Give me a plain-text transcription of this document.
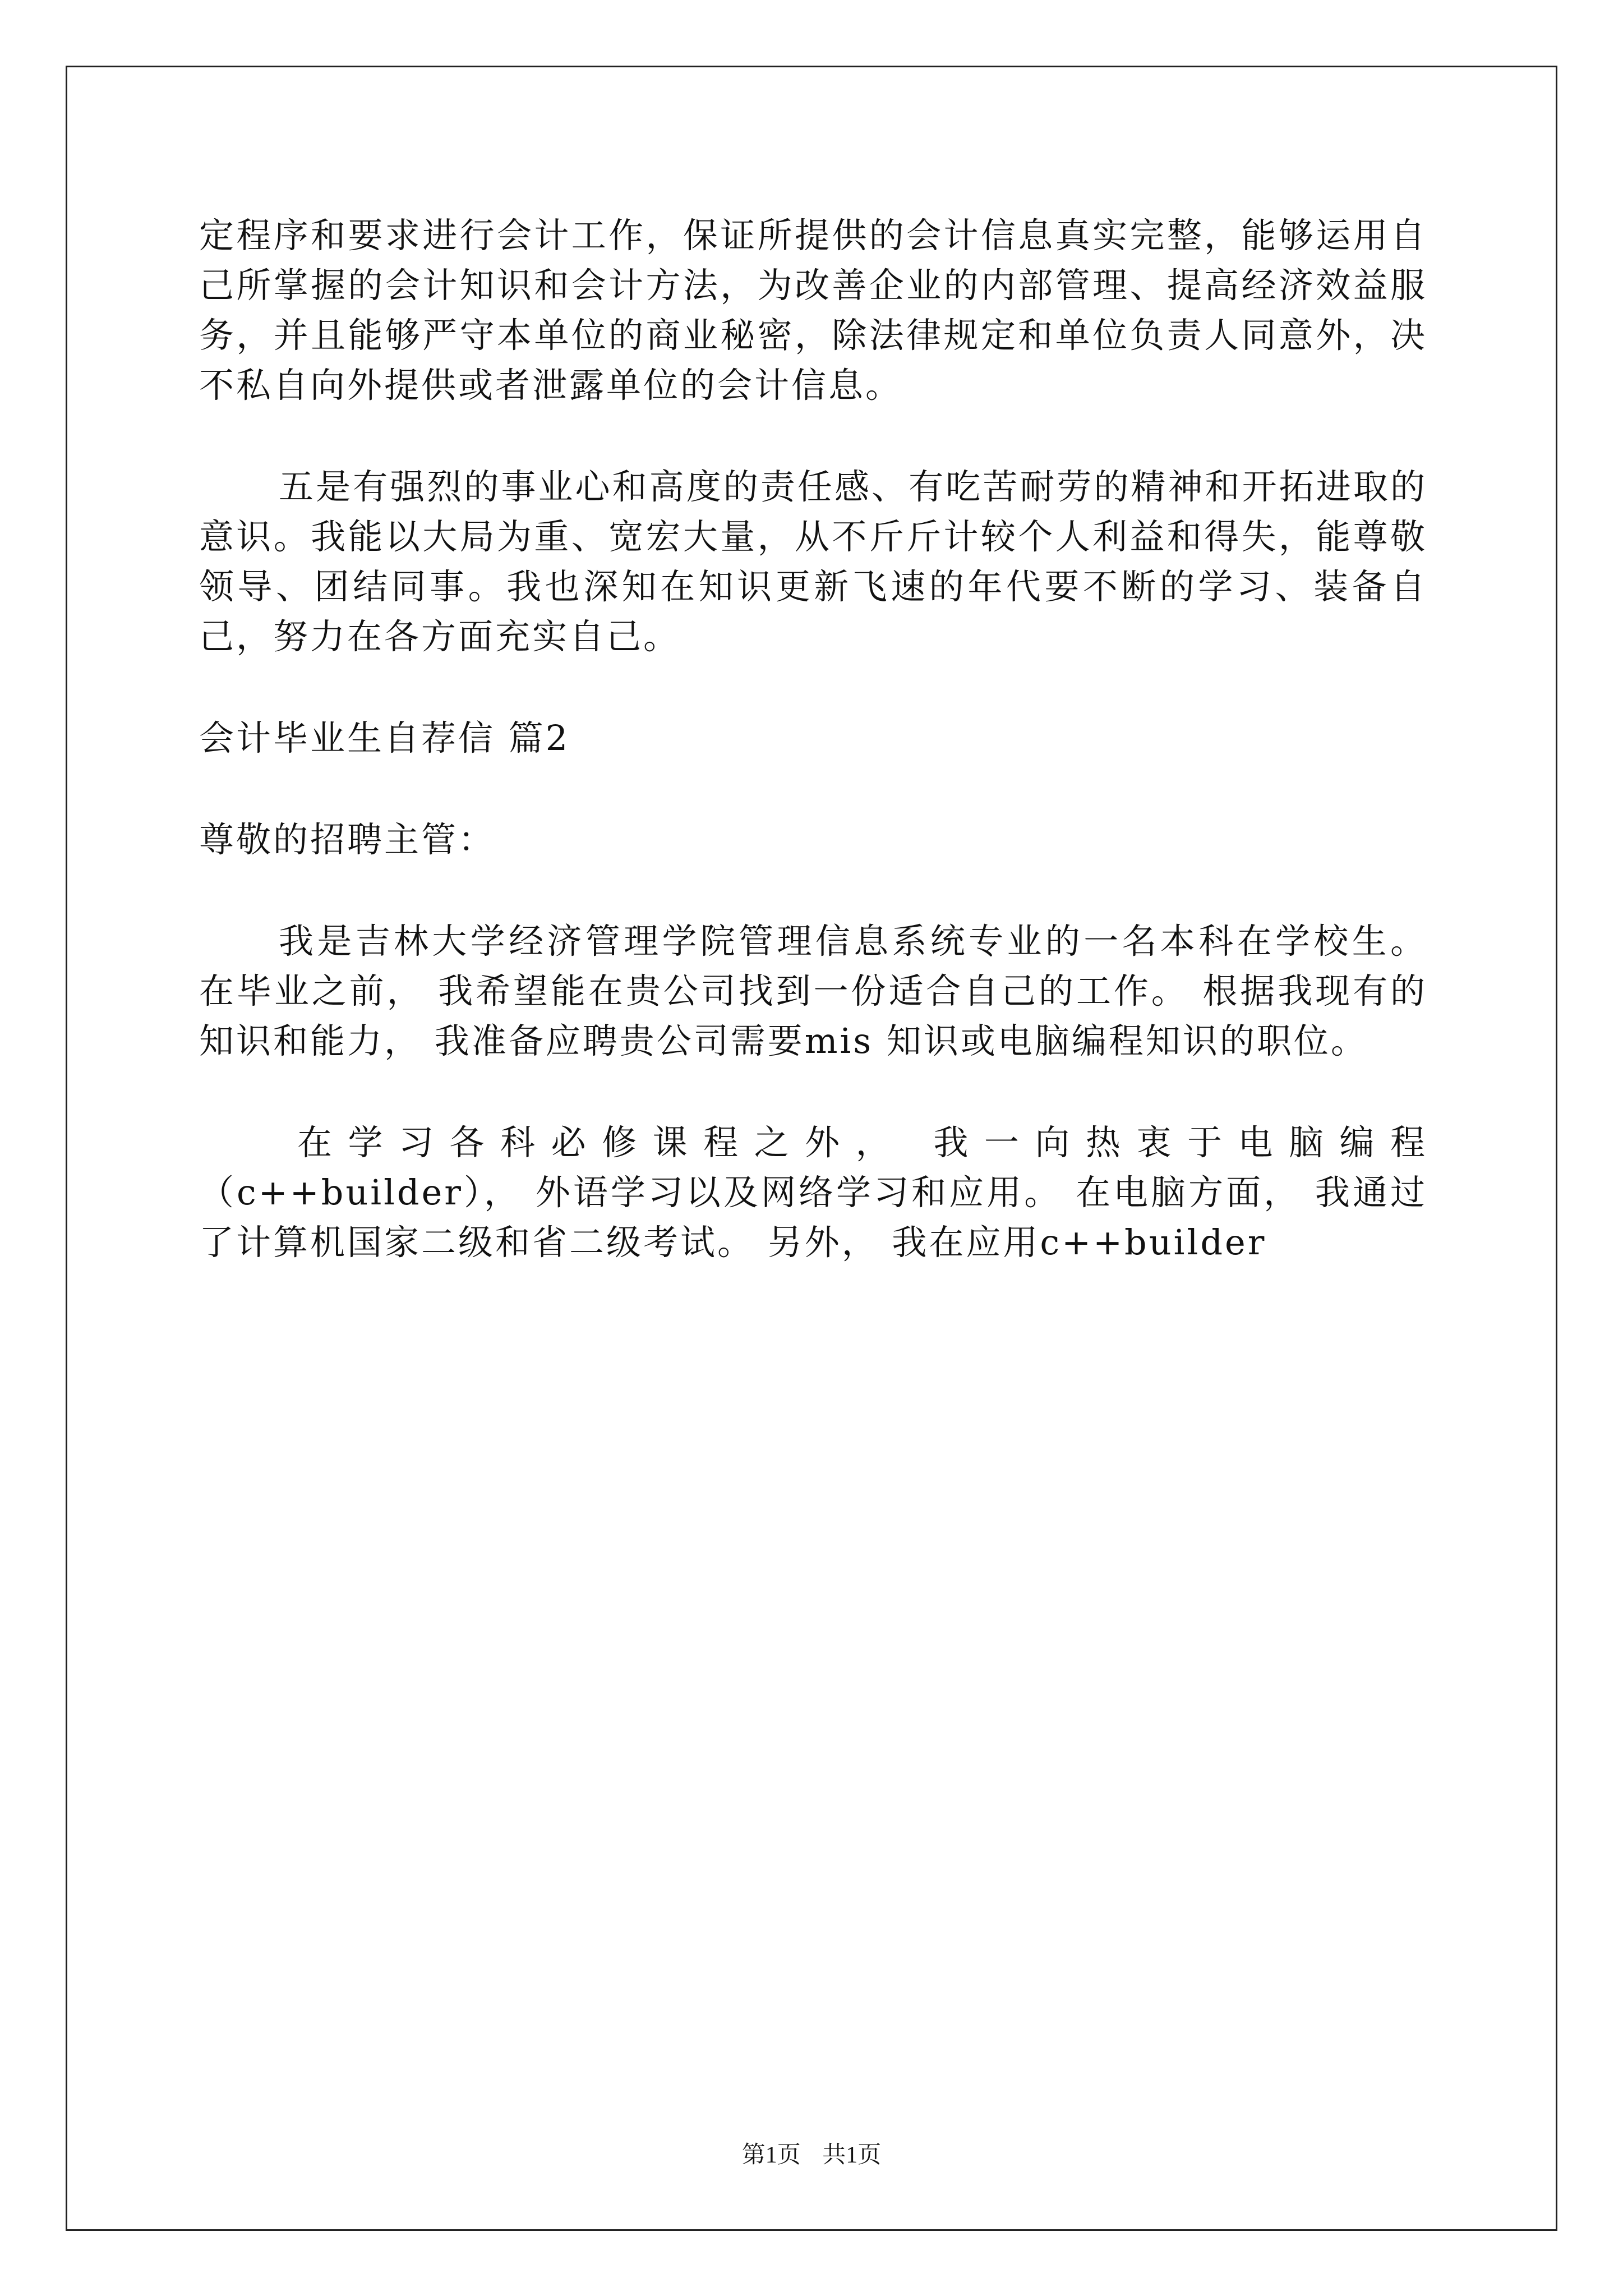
定程序和要求进行会计工作，保证所提供的会计信息真实完整，能够运用自己所掌握的会计知识和会计方法，为改善企业的内部管理、提高经济效益服务，并且能够严守本单位的商业秘密，除法律规定和单位负责人同意外，决不私自向外提供或者泄露单位的会计信息。

五是有强烈的事业心和高度的责任感、有吃苦耐劳的精神和开拓进取的意识。我能以大局为重、宽宏大量，从不斤斤计较个人利益和得失，能尊敬领导、团结同事。我也深知在知识更新飞速的年代要不断的学习、装备自己，努力在各方面充实自己。

会计毕业生自荐信 篇2

尊敬的招聘主管：

我是吉林大学经济管理学院管理信息系统专业的一名本科在学校生。 在毕业之前， 我希望能在贵公司找到一份适合自己的工作。 根据我现有的知识和能力， 我准备应聘贵公司需要mis 知识或电脑编程知识的职位。

在学习各科必修课程之外， 我一向热衷于电脑编程（c++builder）， 外语学习以及网络学习和应用。 在电脑方面， 我通过了计算机国家二级和省二级考试。 另外， 我在应用c++builder

第1页 共1页
